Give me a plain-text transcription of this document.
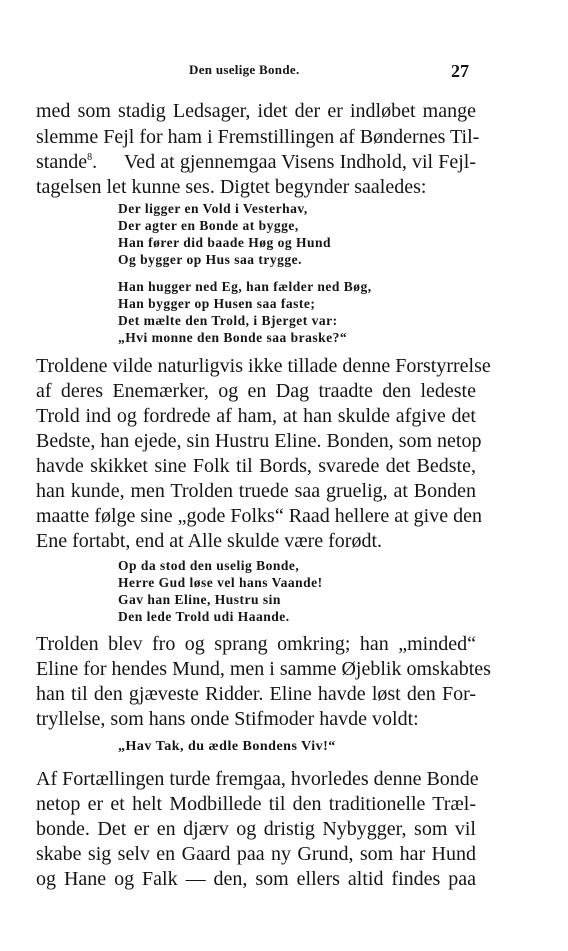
Den uselige Bonde.	27
med som stadig Ledsager, idet der er indløbet mange
slemme Fejl for ham i Fremstillingen af Bøndernes Til-
stande$^8$. Ved at gjennemgaa Visens Indhold, vil Fejl-
tagelsen let kunne ses. Digtet begynder saaledes:
Der ligger en Vold i Vesterhav,
Der agter en Bonde at bygge,
Han fører did baade Høg og Hund
Og bygger op Hus saa trygge.
Han hugger ned Eg, han fælder ned Bøg,
Han bygger op Husen saa faste;
Det mælte den Trold, i Bjerget var:
„Hvi monne den Bonde saa braske?“
Troldene vilde naturligvis ikke tillade denne Forstyrrelse
af deres Enemærker, og en Dag traadte den ledeste
Trold ind og fordrede af ham, at han skulde afgive det
Bedste, han ejede, sin Hustru Eline. Bonden, som netop
havde skikket sine Folk til Bords, svarede det Bedste,
han kunde, men Trolden truede saa gruelig, at Bonden
maatte følge sine „gode Folks“ Raad hellere at give den
Ene fortabt, end at Alle skulde være forødt.
Op da stod den uselig Bonde,
Herre Gud løse vel hans Vaande!
Gav han Eline, Hustru sin
Den lede Trold udi Haande.
Trolden blev fro og sprang omkring; han „minded“
Eline for hendes Mund, men i samme Øjeblik omskabtes
han til den gjæveste Ridder. Eline havde løst den For-
tryllelse, som hans onde Stifmoder havde voldt:
„Hav Tak, du ædle Bondens Viv!“
Af Fortællingen turde fremgaa, hvorledes denne Bonde
netop er et helt Modbillede til den traditionelle Træl-
bonde. Det er en djærv og dristig Nybygger, som vil
skabe sig selv en Gaard paa ny Grund, som har Hund
og Hane og Falk — den, som ellers altid findes paa
